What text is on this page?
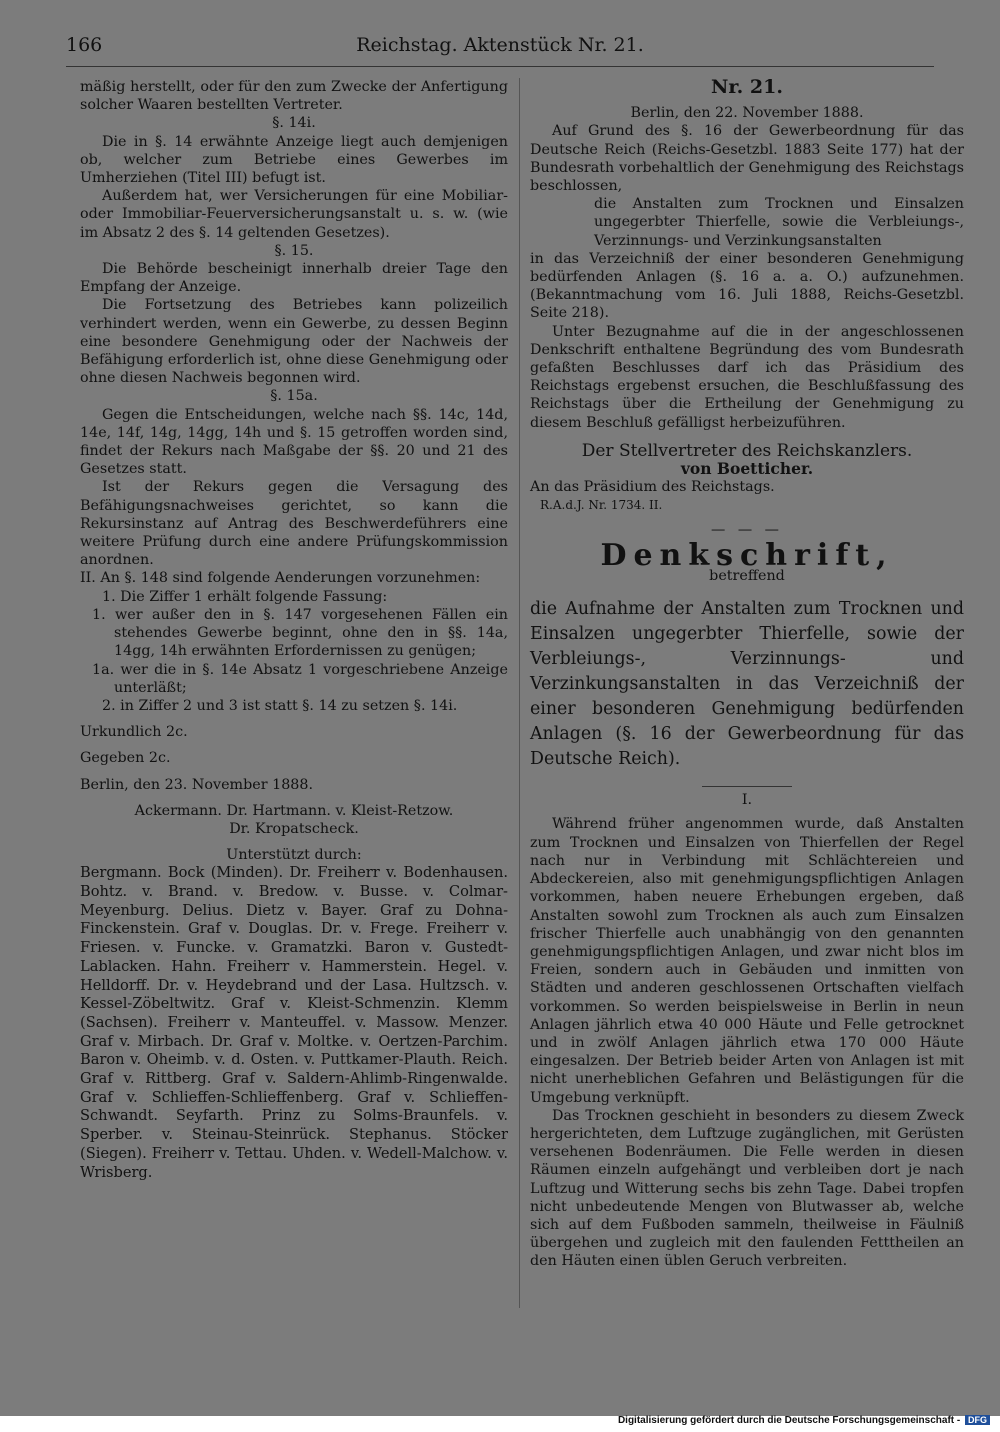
166	Reichstag. Aktenstück Nr. 21.

mäßig herstellt, oder für den zum Zwecke der Anfertigung solcher Waaren bestellten Vertreter.

§. 14i.

Die in §. 14 erwähnte Anzeige liegt auch demjenigen ob, welcher zum Betriebe eines Gewerbes im Umherziehen (Titel III) befugt ist.

Außerdem hat, wer Versicherungen für eine Mobiliar- oder Immobiliar-Feuerversicherungsanstalt u. s. w. (wie im Absatz 2 des §. 14 geltenden Gesetzes).

§. 15.

Die Behörde bescheinigt innerhalb dreier Tage den Empfang der Anzeige.

Die Fortsetzung des Betriebes kann polizeilich verhindert werden, wenn ein Gewerbe, zu dessen Beginn eine besondere Genehmigung oder der Nachweis der Befähigung erforderlich ist, ohne diese Genehmigung oder ohne diesen Nachweis begonnen wird.

§. 15a.

Gegen die Entscheidungen, welche nach §§. 14c, 14d, 14e, 14f, 14g, 14gg, 14h und §. 15 getroffen worden sind, findet der Rekurs nach Maßgabe der §§. 20 und 21 des Gesetzes statt.

Ist der Rekurs gegen die Versagung des Befähigungsnachweises gerichtet, so kann die Rekursinstanz auf Antrag des Beschwerdeführers eine weitere Prüfung durch eine andere Prüfungskommission anordnen.

II. An §. 148 sind folgende Aenderungen vorzunehmen:

1. Die Ziffer 1 erhält folgende Fassung:

1. wer außer den in §. 147 vorgesehenen Fällen ein stehendes Gewerbe beginnt, ohne den in §§. 14a, 14gg, 14h erwähnten Erfordernissen zu genügen;

1a. wer die in §. 14e Absatz 1 vorgeschriebene Anzeige unterläßt;

2. in Ziffer 2 und 3 ist statt §. 14 zu setzen §. 14i.

Urkundlich 2c.

Gegeben 2c.

Berlin, den 23. November 1888.

Ackermann. Dr. Hartmann. v. Kleist-Retzow.

Dr. Kropatscheck.

Unterstützt durch:

Bergmann. Bock (Minden). Dr. Freiherr v. Bodenhausen. Bohtz. v. Brand. v. Bredow. v. Busse. v. Colmar-Meyenburg. Delius. Dietz v. Bayer. Graf zu Dohna-Finckenstein. Graf v. Douglas. Dr. v. Frege. Freiherr v. Friesen. v. Funcke. v. Gramatzki. Baron v. Gustedt-Lablacken. Hahn. Freiherr v. Hammerstein. Hegel. v. Helldorff. Dr. v. Heydebrand und der Lasa. Hultzsch. v. Kessel-Zöbeltwitz. Graf v. Kleist-Schmenzin. Klemm (Sachsen). Freiherr v. Manteuffel. v. Massow. Menzer. Graf v. Mirbach. Dr. Graf v. Moltke. v. Oertzen-Parchim. Baron v. Oheimb. v. d. Osten. v. Puttkamer-Plauth. Reich. Graf v. Rittberg. Graf v. Saldern-Ahlimb-Ringenwalde. Graf v. Schlieffen-Schlieffenberg. Graf v. Schlieffen-Schwandt. Seyfarth. Prinz zu Solms-Braunfels. v. Sperber. v. Steinau-Steinrück. Stephanus. Stöcker (Siegen). Freiherr v. Tettau. Uhden. v. Wedell-Malchow. v. Wrisberg.

Nr. 21.

Berlin, den 22. November 1888.

Auf Grund des §. 16 der Gewerbeordnung für das Deutsche Reich (Reichs-Gesetzbl. 1883 Seite 177) hat der Bundesrath vorbehaltlich der Genehmigung des Reichstags beschlossen,

die Anstalten zum Trocknen und Einsalzen ungegerbter Thierfelle, sowie die Verbleiungs-, Verzinnungs- und Verzinkungsanstalten

in das Verzeichniß der einer besonderen Genehmigung bedürfenden Anlagen (§. 16 a. a. O.) aufzunehmen. (Bekanntmachung vom 16. Juli 1888, Reichs-Gesetzbl. Seite 218).

Unter Bezugnahme auf die in der angeschlossenen Denkschrift enthaltene Begründung des vom Bundesrath gefaßten Beschlusses darf ich das Präsidium des Reichstags ergebenst ersuchen, die Beschlußfassung des Reichstags über die Ertheilung der Genehmigung zu diesem Beschluß gefälligst herbeizuführen.

Der Stellvertreter des Reichskanzlers.

von Boetticher.

An das Präsidium des Reichstags.

R.A.d.J. Nr. 1734. II.

— — —

Denkschrift,

betreffend

die Aufnahme der Anstalten zum Trocknen und Einsalzen ungegerbter Thierfelle, sowie der Verbleiungs-, Verzinnungs- und Verzinkungsanstalten in das Verzeichniß der einer besonderen Genehmigung bedürfenden Anlagen (§. 16 der Gewerbeordnung für das Deutsche Reich).

I.

Während früher angenommen wurde, daß Anstalten zum Trocknen und Einsalzen von Thierfellen der Regel nach nur in Verbindung mit Schlächtereien und Abdeckereien, also mit genehmigungspflichtigen Anlagen vorkommen, haben neuere Erhebungen ergeben, daß Anstalten sowohl zum Trocknen als auch zum Einsalzen frischer Thierfelle auch unabhängig von den genannten genehmigungspflichtigen Anlagen, und zwar nicht blos im Freien, sondern auch in Gebäuden und inmitten von Städten und anderen geschlossenen Ortschaften vielfach vorkommen. So werden beispielsweise in Berlin in neun Anlagen jährlich etwa 40 000 Häute und Felle getrocknet und in zwölf Anlagen jährlich etwa 170 000 Häute eingesalzen. Der Betrieb beider Arten von Anlagen ist mit nicht unerheblichen Gefahren und Belästigungen für die Umgebung verknüpft.

Das Trocknen geschieht in besonders zu diesem Zweck hergerichteten, dem Luftzuge zugänglichen, mit Gerüsten versehenen Bodenräumen. Die Felle werden in diesen Räumen einzeln aufgehängt und verbleiben dort je nach Luftzug und Witterung sechs bis zehn Tage. Dabei tropfen nicht unbedeutende Mengen von Blutwasser ab, welche sich auf dem Fußboden sammeln, theilweise in Fäulniß übergehen und zugleich mit den faulenden Fetttheilen an den Häuten einen üblen Geruch verbreiten.

Digitalisierung gefördert durch die Deutsche Forschungsgemeinschaft - DFG
